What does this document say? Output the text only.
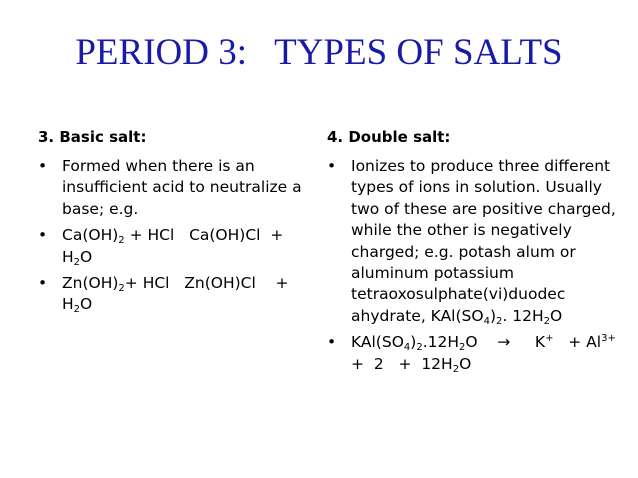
PERIOD 3:   TYPES OF SALTS
3. Basic salt:
• Formed when there is an insufficient acid to neutralize a base; e.g.
• $Ca(OH)_2$ + HCl   $Ca(OH)Cl + H_2O$
• $Zn(OH)_2+$ HCl   Zn(OH)Cl    + $H_2O$
4. Double salt:
• Ionizes to produce three different types of ions in solution. Usually two of these are positive charged, while the other is negatively charged; e.g. potash alum or aluminum potassium tetraoxosulphate(vi)duodec ahydrate, $KAl(SO_4)_2$. $12H_2O$
• $KAl(SO_4)_2.12H_2O$    →     $K^+ + Al^{3+} + 2 + 12H_2O$
